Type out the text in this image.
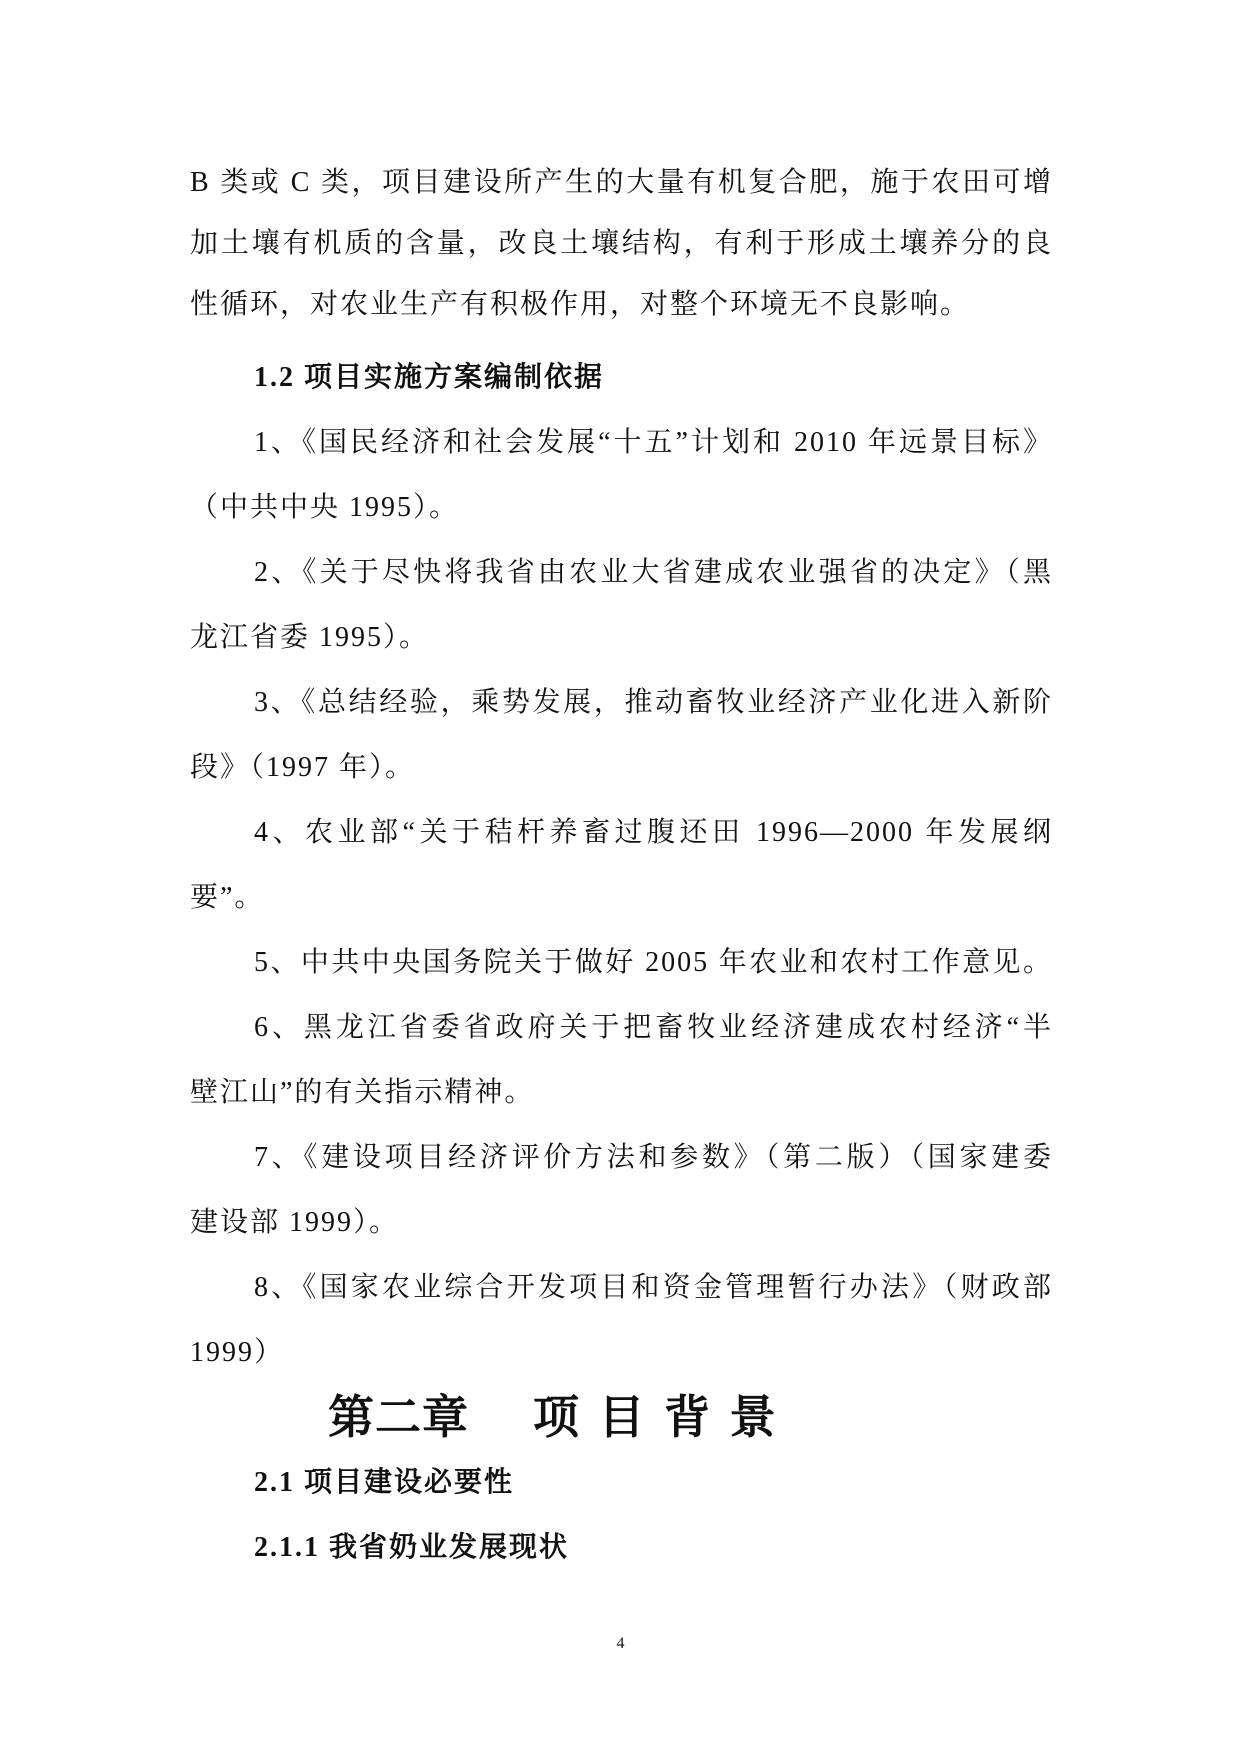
B 类或 C 类，项目建设所产生的大量有机复合肥，施于农田可增
加土壤有机质的含量，改良土壤结构，有利于形成土壤养分的良
性循环，对农业生产有积极作用，对整个环境无不良影响。
1.2 项目实施方案编制依据
1、《国民经济和社会发展“十五”计划和 2010 年远景目标》
（中共中央 1995）。
2、《关于尽快将我省由农业大省建成农业强省的决定》（黑
龙江省委 1995）。
3、《总结经验，乘势发展，推动畜牧业经济产业化进入新阶
段》（1997 年）。
4、农业部“关于秸杆养畜过腹还田 1996—2000 年发展纲
要”。
5、中共中央国务院关于做好 2005 年农业和农村工作意见。
6、黑龙江省委省政府关于把畜牧业经济建成农村经济“半
壁江山”的有关指示精神。
7、《建设项目经济评价方法和参数》（第二版）（国家建委
建设部 1999）。
8、《国家农业综合开发项目和资金管理暂行办法》（财政部
1999）
第二章 项 目 背 景
2.1 项目建设必要性
2.1.1 我省奶业发展现状
4
